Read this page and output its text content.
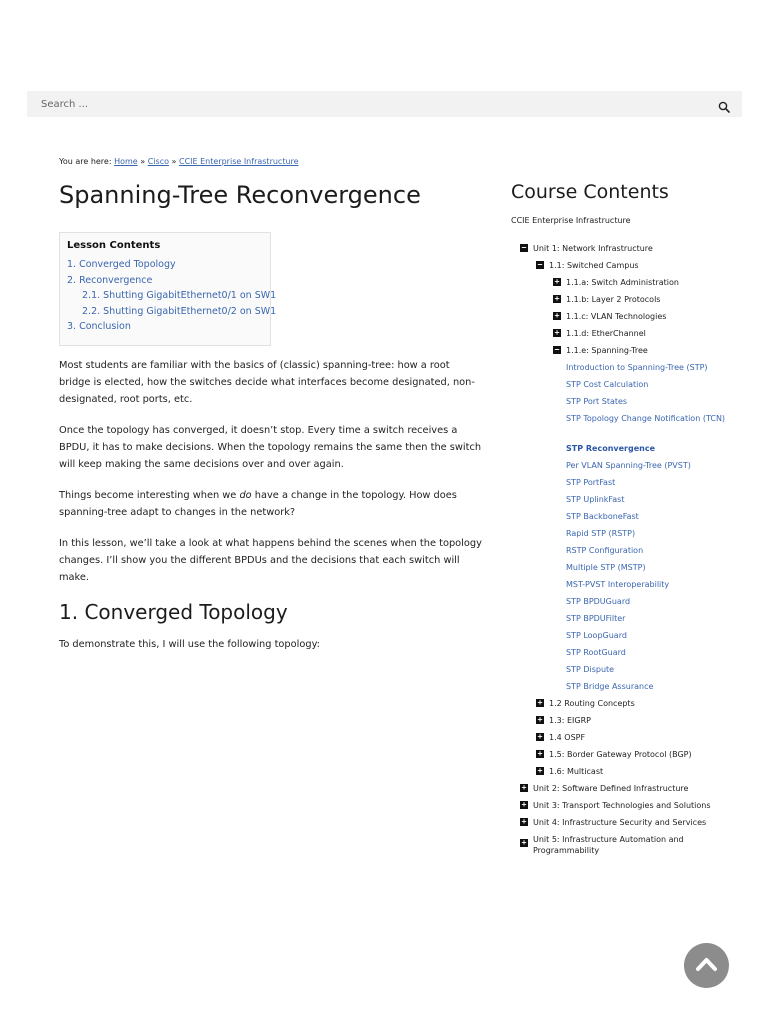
Search ...
You are here: Home » Cisco » CCIE Enterprise Infrastructure
Spanning-Tree Reconvergence
Lesson Contents
1. Converged Topology
2. Reconvergence
2.1. Shutting GigabitEthernet0/1 on SW1
2.2. Shutting GigabitEthernet0/2 on SW1
3. Conclusion

Most students are familiar with the basics of (classic) spanning-tree: how a root bridge is elected, how the switches decide what interfaces become designated, non-designated, root ports, etc.

Once the topology has converged, it doesn’t stop. Every time a switch receives a BPDU, it has to make decisions. When the topology remains the same then the switch will keep making the same decisions over and over again.

Things become interesting when we do have a change in the topology. How does spanning-tree adapt to changes in the network?

In this lesson, we’ll take a look at what happens behind the scenes when the topology changes. I’ll show you the different BPDUs and the decisions that each switch will make.

1. Converged Topology

To demonstrate this, I will use the following topology:

Course Contents
CCIE Enterprise Infrastructure
− Unit 1: Network Infrastructure
− 1.1: Switched Campus
+ 1.1.a: Switch Administration
+ 1.1.b: Layer 2 Protocols
+ 1.1.c: VLAN Technologies
+ 1.1.d: EtherChannel
− 1.1.e: Spanning-Tree
Introduction to Spanning-Tree (STP)
STP Cost Calculation
STP Port States
STP Topology Change Notification (TCN)
STP Reconvergence
Per VLAN Spanning-Tree (PVST)
STP PortFast
STP UplinkFast
STP BackboneFast
Rapid STP (RSTP)
RSTP Configuration
Multiple STP (MSTP)
MST-PVST Interoperability
STP BPDUGuard
STP BPDUFilter
STP LoopGuard
STP RootGuard
STP Dispute
STP Bridge Assurance
+ 1.2 Routing Concepts
+ 1.3: EIGRP
+ 1.4 OSPF
+ 1.5: Border Gateway Protocol (BGP)
+ 1.6: Multicast
+ Unit 2: Software Defined Infrastructure
+ Unit 3: Transport Technologies and Solutions
+ Unit 4: Infrastructure Security and Services
+ Unit 5: Infrastructure Automation and Programmability
